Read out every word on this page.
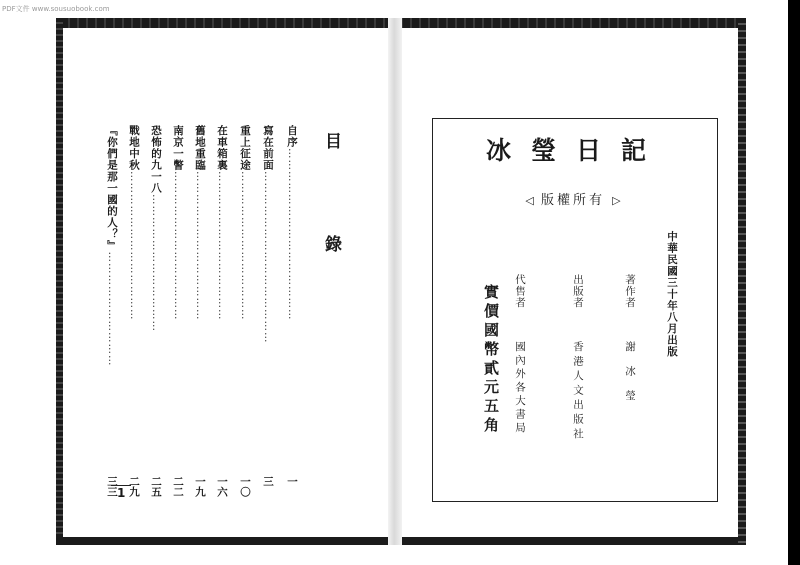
PDF文件 www.sousuobook.com
目 錄
自序………………………………………
一
寫在前面………………………………………
三
重上征途…………………………………
一〇
在車箱裏…………………………………
一六
舊地重臨…………………………………
一九
南京一瞥…………………………………
二二
恐怖的九一八………………………………
二五
戰地中秋…………………………………
二九
『你們是那一國的人？』…………………………
三三 1
冰瑩日記
◁ 版權所有 ▷
中華民國三十年八月出版
著作者
謝冰瑩
出版者
香港人文出版社
代售者
國內外各大書局
實價國幣貳元五角
